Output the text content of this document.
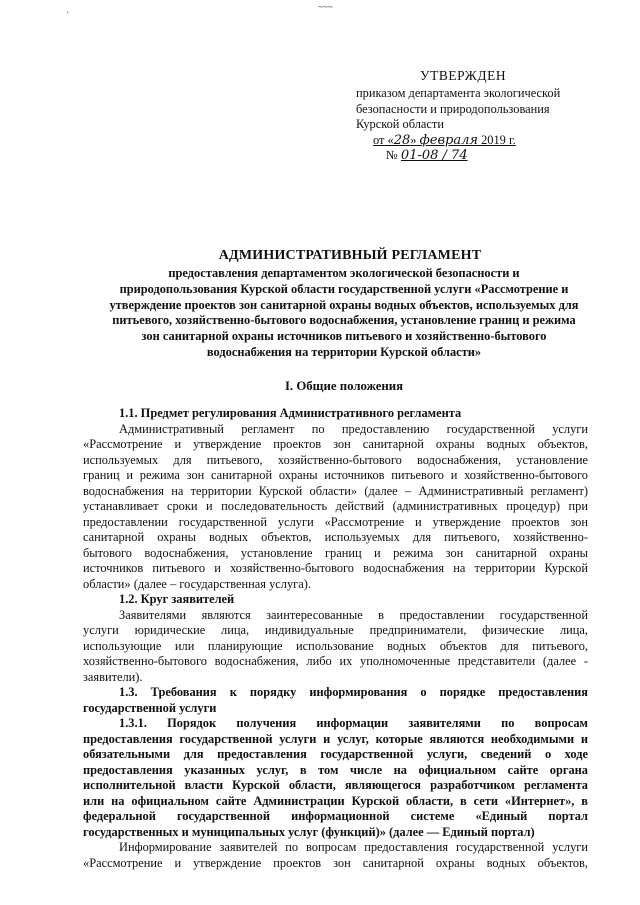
~~~
'
УТВЕРЖДЕН
приказом департамента экологической
безопасности и природопользования
Курской области
от «28» февраля 2019 г.
№ 01-08 / 74
АДМИНИСТРАТИВНЫЙ РЕГЛАМЕНТ
предоставления департаментом экологической безопасности и
природопользования Курской области государственной услуги «Рассмотрение и
утверждение проектов зон санитарной охраны водных объектов, используемых для
питьевого, хозяйственно-бытового водоснабжения, установление границ и режима
зон санитарной охраны источников питьевого и хозяйственно-бытового
водоснабжения на территории Курской области»
I. Общие положения

1.1. Предмет регулирования Административного регламента

Административный регламент по предоставлению государственной услуги

«Рассмотрение и утверждение проектов зон санитарной охраны водных объектов,

используемых для питьевого, хозяйственно-бытового водоснабжения, установление

границ и режима зон санитарной охраны источников питьевого и хозяйственно-бытового

водоснабжения на территории Курской области» (далее – Административный регламент)

устанавливает сроки и последовательность действий (административных процедур) при

предоставлении государственной услуги «Рассмотрение и утверждение проектов зон

санитарной охраны водных объектов, используемых для питьевого, хозяйственно-

бытового водоснабжения, установление границ и режима зон санитарной охраны

источников питьевого и хозяйственно-бытового водоснабжения на территории Курской

области» (далее – государственная услуга).

1.2. Круг заявителей

Заявителями являются заинтересованные в предоставлении государственной

услуги юридические лица, индивидуальные предприниматели, физические лица,

использующие или планирующие использование водных объектов для питьевого,

хозяйственно-бытового водоснабжения, либо их уполномоченные представители (далее -

заявители).

1.3. Требования к порядку информирования о порядке предоставления

государственной услуги

1.3.1. Порядок получения информации заявителями по вопросам

предоставления государственной услуги и услуг, которые являются необходимыми и

обязательными для предоставления государственной услуги, сведений о ходе

предоставления указанных услуг, в том числе на официальном сайте органа

исполнительной власти Курской области, являющегося разработчиком регламента

или на официальном сайте Администрации Курской области, в сети «Интернет», в

федеральной государственной информационной системе «Единый портал

государственных и муниципальных услуг (функций)» (далее — Единый портал)

Информирование заявителей по вопросам предоставления государственной услуги

«Рассмотрение и утверждение проектов зон санитарной охраны водных объектов,
